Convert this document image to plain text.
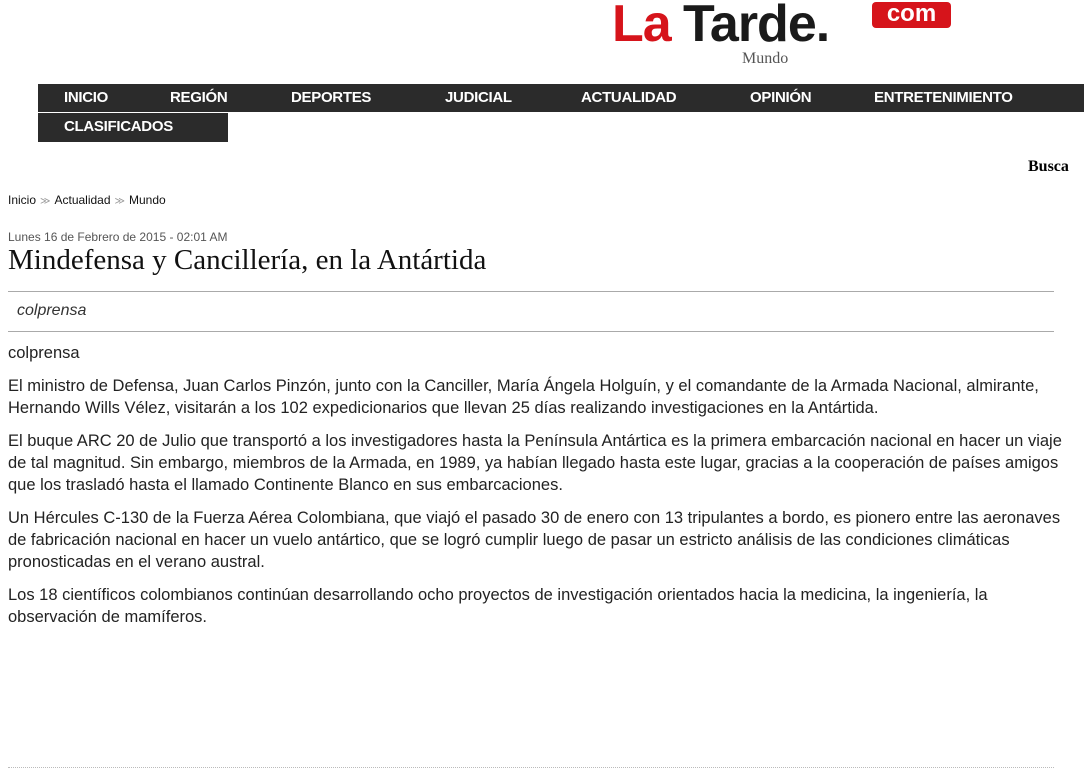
La Tarde.	com
Mundo
INICIO	REGIÓN	DEPORTES	JUDICIAL	ACTUALIDAD	OPINIÓN	ENTRETENIMIENTO
CLASIFICADOS
Busca
Inicio ≫ Actualidad ≫ Mundo
Lunes 16 de Febrero de 2015 - 02:01 AM
Mindefensa y Cancillería, en la Antártida
colprensa

colprensa

El ministro de Defensa, Juan Carlos Pinzón, junto con la Canciller, María Ángela Holguín, y el comandante de la Armada Nacional, almirante, Hernando Wills Vélez, visitarán a los 102 expedicionarios que llevan 25 días realizando investigaciones en la Antártida.

El buque ARC 20 de Julio que transportó a los investigadores hasta la Península Antártica es la primera embarcación nacional en hacer un viaje de tal magnitud. Sin embargo, miembros de la Armada, en 1989, ya habían llegado hasta este lugar, gracias a la cooperación de países amigos que los trasladó hasta el llamado Continente Blanco en sus embarcaciones.

Un Hércules C-130 de la Fuerza Aérea Colombiana, que viajó el pasado 30 de enero con 13 tripulantes a bordo, es pionero entre las aeronaves de fabricación nacional en hacer un vuelo antártico, que se logró cumplir luego de pasar un estricto análisis de las condiciones climáticas pronosticadas en el verano austral.

Los 18 científicos colombianos continúan desarrollando ocho proyectos de investigación orientados hacia la medicina, la ingeniería, la observación de mamíferos.
